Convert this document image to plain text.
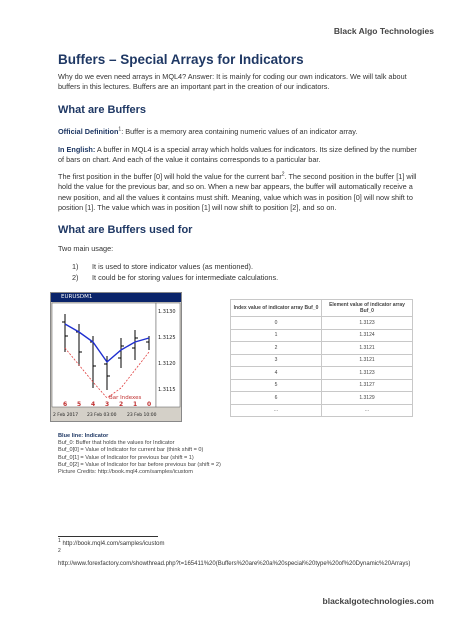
Black Algo Technologies
Buffers – Special Arrays for Indicators

Why do we even need arrays in MQL4? Answer: It is mainly for coding our own indicators. We will talk about buffers in this lectures. Buffers are an important part in the creation of our indicators.

What are Buffers

Official Definition$^1$: Buffer is a memory area containing numeric values of an indicator array.

In English: A buffer in MQL4 is a special array which holds values for indicators. Its size defined by the number of bars on chart. And each of the value it contains corresponds to a particular bar.

The first position in the buffer [0] will hold the value for the current bar$^2$. The second position in the buffer [1] will hold the value for the previous bar, and so on. When a new bar appears, the buffer will automatically receive a new position, and all the values it contains must shift. Meaning, value which was in position [0] will now shift to position [1]. The value which was in position [1] will now shift to position [2], and so on.

What are Buffers used for

Two main usage:

1) It is used to store indicator values (as mentioned).
2) It could be for storing values for intermediate calculations.
EURUSDM1
1.3130
1.3125
1.3120
1.3115
Bar Indexes
6 5 4 3 2 1 0
2 Feb 2017 23 Feb 03:00 23 Feb 10:00
Index value of indicator array Buf_0	Element value of indicator array Buf_0
0	1.3123
1	1.3124
2	1.3121
3	1.3121
4	1.3123
5	1.3127
6	1.3129
...	...
Blue line: Indicator
Buf_0: Buffer that holds the values for Indicator
Buf_0[0] = Value of Indicator for current bar (think shift = 0)
Buf_0[1] = Value of Indicator for previous bar (shift = 1)
Buf_0[2] = Value of Indicator for bar before previous bar (shift = 2)
Picture Credits: http://book.mql4.com/samples/icustom
$^1$ http://book.mql4.com/samples/icustom
$^2$
http://www.forexfactory.com/showthread.php?t=165411%20(Buffers%20are%20a%20special%20type%20of%20Dynamic%20Arrays)
blackalgotechnologies.com
